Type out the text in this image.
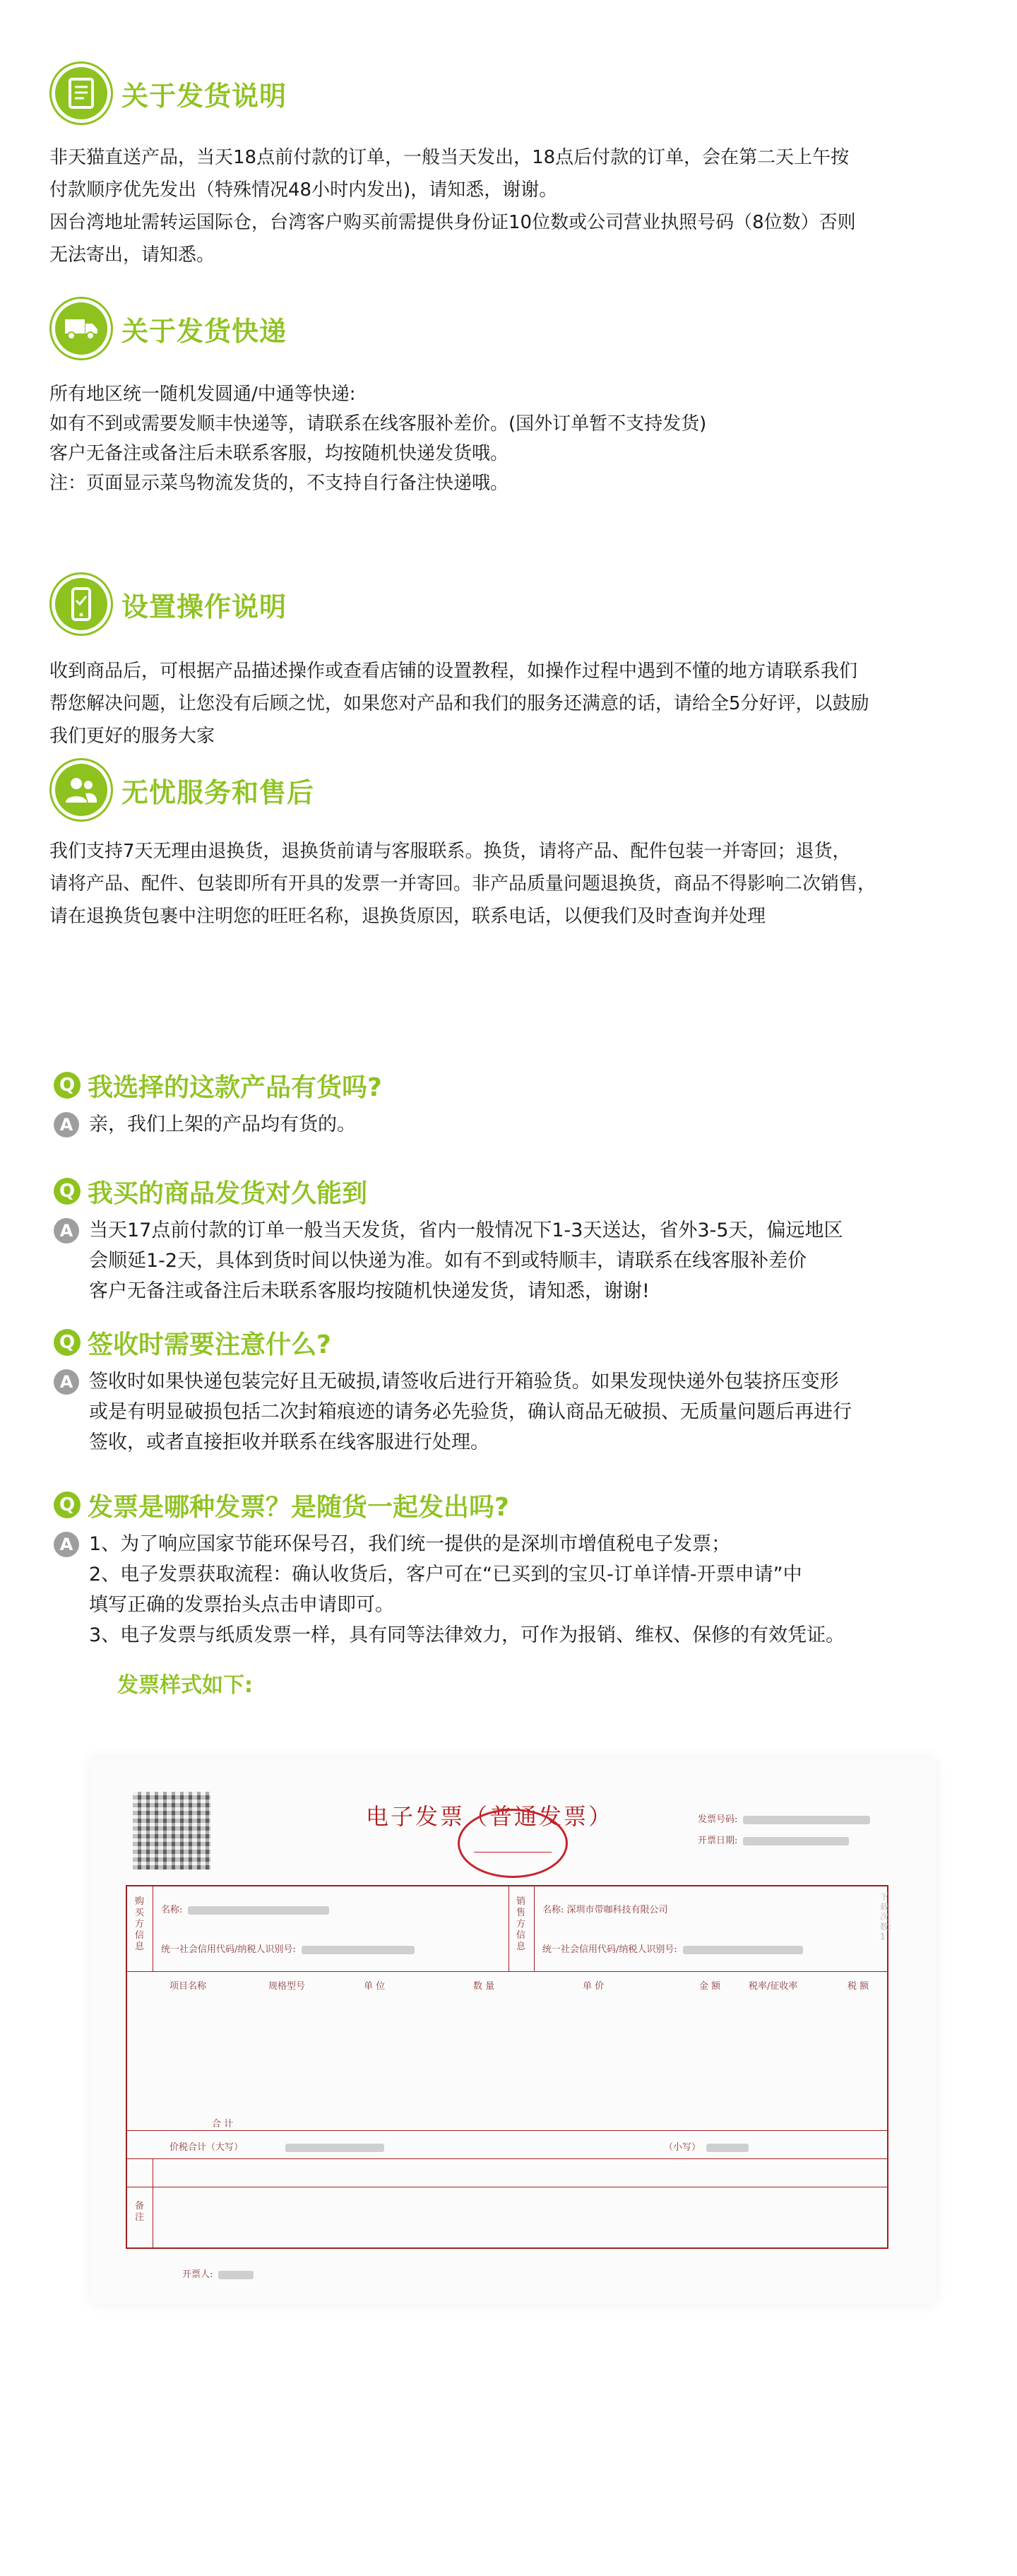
关于发货说明

非天猫直送产品，当天18点前付款的订单，一般当天发出，18点后付款的订单，会在第二天上午按

付款顺序优先发出（特殊情况48小时内发出)，请知悉，谢谢。

因台湾地址需转运国际仓，台湾客户购买前需提供身份证10位数或公司营业执照号码（8位数）否则

无法寄出，请知悉。

关于发货快递

所有地区统一随机发圆通/中通等快递:

如有不到或需要发顺丰快递等，请联系在线客服补差价。(国外订单暂不支持发货)

客户无备注或备注后未联系客服，均按随机快递发货哦。

注：页面显示菜鸟物流发货的，不支持自行备注快递哦。

设置操作说明

收到商品后，可根据产品描述操作或查看店铺的设置教程，如操作过程中遇到不懂的地方请联系我们

帮您解决问题，让您没有后顾之忧，如果您对产品和我们的服务还满意的话，请给全5分好评，以鼓励

我们更好的服务大家

无忧服务和售后

我们支持7天无理由退换货，退换货前请与客服联系。换货，请将产品、配件包装一并寄回；退货，

请将产品、配件、包装即所有开具的发票一并寄回。非产品质量问题退换货，商品不得影响二次销售，

请在退换货包裹中注明您的旺旺名称，退换货原因，联系电话，以便我们及时查询并处理

Q 我选择的这款产品有货吗?
A 亲，我们上架的产品均有货的。
Q 我买的商品发货对久能到
A 当天17点前付款的订单一般当天发货，省内一般情况下1-3天送达，省外3-5天，偏远地区
会顺延1-2天，具体到货时间以快递为准。如有不到或特顺丰，请联系在线客服补差价
客户无备注或备注后未联系客服均按随机快递发货，请知悉，谢谢!
Q 签收时需要注意什么?
A 签收时如果快递包装完好且无破损,请签收后进行开箱验货。如果发现快递外包装挤压变形
或是有明显破损包括二次封箱痕迹的请务必先验货，确认商品无破损、无质量问题后再进行
签收，或者直接拒收并联系在线客服进行处理。
Q 发票是哪种发票？是随货一起发出吗?
A 1、为了响应国家节能环保号召，我们统一提供的是深圳市增值税电子发票；
2、电子发票获取流程：确认收货后，客户可在“已买到的宝贝-订单详情-开票申请”中
填写正确的发票抬头点击申请即可。
3、电子发票与纸质发票一样，具有同等法律效力，可作为报销、维权、保修的有效凭证。
发票样式如下:
电子发票（普通发票）	发票号码:
开票日期:
购买方信息
销售方信息
名称:
统一社会信用代码/纳税人识别号:
名称: 深圳市带咖科技有限公司
统一社会信用代码/纳税人识别号:
项目名称	规格型号	单 位	数 量	单 价	金 额	税率/征收率	税 额
合 计
价税合计（大写）	（小写）
备注
下载次数: 1
开票人:
